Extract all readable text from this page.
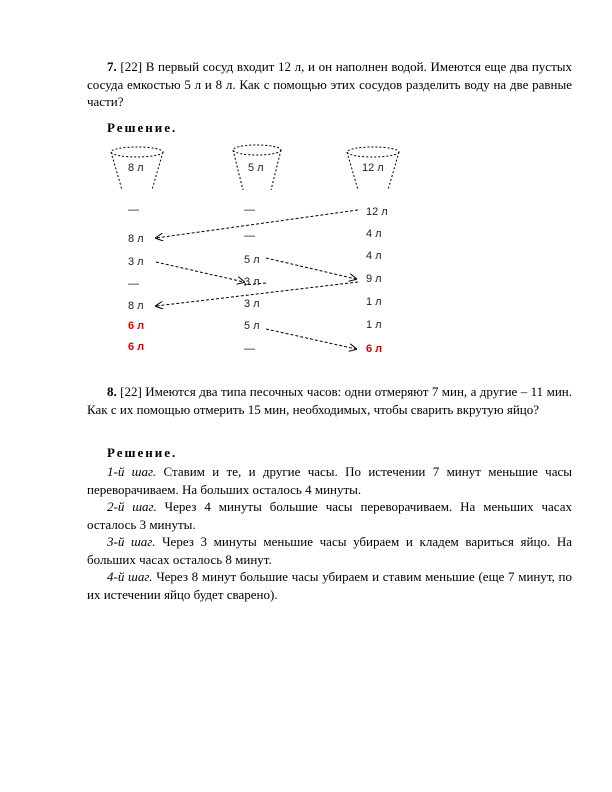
7. [22] В первый сосуд входит 12 л, и он наполнен водой. Имеются еще два пустых сосуда емкостью 5 л и 8 л. Как с помощью этих сосудов разделить воду на две равные части?

Решение.
8 л	5 л	12 л
—
8 л
3 л
—
8 л
6 л
6 л
—
—
5 л
3 л
3 л
5 л
—
12 л
4 л
4 л
9 л
1 л
1 л
6 л

8. [22] Имеются два типа песочных часов: одни отмеряют 7 мин, а другие – 11 мин. Как с их помощью отмерить 15 мин, необходимых, чтобы сварить вкрутую яйцо?

Решение.

1-й шаг. Ставим и те, и другие часы. По истечении 7 минут меньшие часы переворачиваем. На больших осталось 4 минуты.

2-й шаг. Через 4 минуты большие часы переворачиваем. На меньших часах осталось 3 минуты.

3-й шаг. Через 3 минуты меньшие часы убираем и кладем вариться яйцо. На больших часах осталось 8 минут.

4-й шаг. Через 8 минут большие часы убираем и ставим меньшие (еще 7 минут, по их истечении яйцо будет сварено).
